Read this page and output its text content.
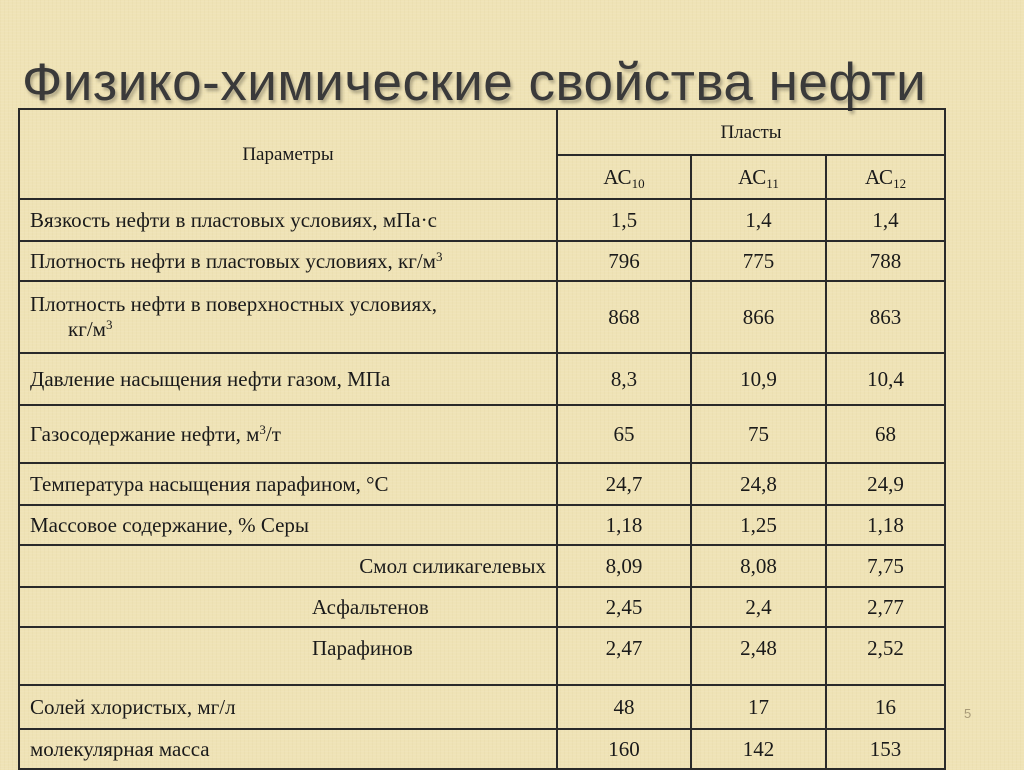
Физико-химические свойства нефти
Параметры	Пласты		
	$АС_{10}$	$АС_{11}$	$АС_{12}$
Вязкость нефти в пластовых условиях, мПа·с	1,5	1,4	1,4
Плотность нефти в пластовых условиях, $кг/м^3$	796	775	788
Плотность нефти в поверхностных условиях,
$кг/м^3$	868	866	863
Давление насыщения нефти газом, МПа	8,3	10,9	10,4
Газосодержание нефти, $м^3/т$	65	75	68
Температура насыщения парафином, °С	24,7	24,8	24,9
Массовое содержание, % Серы	1,18	1,25	1,18
Смол силикагелевых	8,09	8,08	7,75
Асфальтенов	2,45	2,4	2,77
Парафинов	2,47	2,48	2,52
Солей хлористых, мг/л	48	17	16
молекулярная масса	160	142	153
5
